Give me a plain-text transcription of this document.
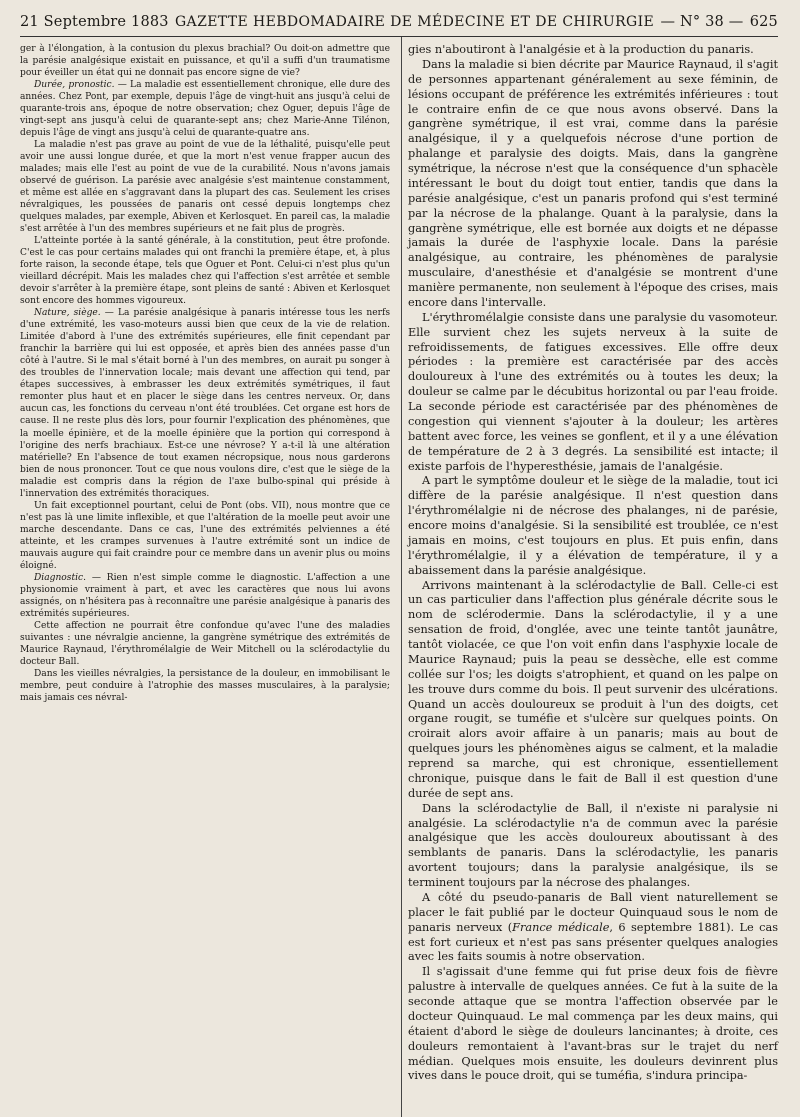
21 Septembre 1883 GAZETTE HEBDOMADAIRE DE MÉDECINE ET DE CHIRURGIE — N° 38 — 625

ger à l'élongation, à la contusion du plexus brachial? Ou doit-on admettre que la parésie analgésique existait en puissance, et qu'il a suffi d'un traumatisme pour éveiller un état qui ne donnait pas encore signe de vie?

Durée, pronostic. — La maladie est essentiellement chronique, elle dure des années. Chez Pont, par exemple, depuis l'âge de vingt-huit ans jusqu'à celui de quarante-trois ans, époque de notre observation; chez Oguer, depuis l'âge de vingt-sept ans jusqu'à celui de quarante-sept ans; chez Marie-Anne Tilénon, depuis l'âge de vingt ans jusqu'à celui de quarante-quatre ans.

La maladie n'est pas grave au point de vue de la léthalité, puisqu'elle peut avoir une aussi longue durée, et que la mort n'est venue frapper aucun des malades; mais elle l'est au point de vue de la curabilité. Nous n'avons jamais observé de guérison. La parésie avec analgésie s'est maintenue constamment, et même est allée en s'aggravant dans la plupart des cas. Seulement les crises névralgiques, les poussées de panaris ont cessé depuis longtemps chez quelques malades, par exemple, Abiven et Kerlosquet. En pareil cas, la maladie s'est arrêtée à l'un des membres supérieurs et ne fait plus de progrès.

L'atteinte portée à la santé générale, à la constitution, peut être profonde. C'est le cas pour certains malades qui ont franchi la première étape, et, à plus forte raison, la seconde étape, tels que Oguer et Pont. Celui-ci n'est plus qu'un vieillard décrépit. Mais les malades chez qui l'affection s'est arrêtée et semble devoir s'arrêter à la première étape, sont pleins de santé : Abiven et Kerlosquet sont encore des hommes vigoureux.

Nature, siège. — La parésie analgésique à panaris intéresse tous les nerfs d'une extrémité, les vaso-moteurs aussi bien que ceux de la vie de relation. Limitée d'abord à l'une des extrémités supérieures, elle finit cependant par franchir la barrière qui lui est opposée, et après bien des années passe d'un côté à l'autre. Si le mal s'était borné à l'un des membres, on aurait pu songer à des troubles de l'innervation locale; mais devant une affection qui tend, par étapes successives, à embrasser les deux extrémités symétriques, il faut remonter plus haut et en placer le siège dans les centres nerveux. Or, dans aucun cas, les fonctions du cerveau n'ont été troublées. Cet organe est hors de cause. Il ne reste plus dès lors, pour fournir l'explication des phénomènes, que la moelle épinière, et de la moelle épinière que la portion qui correspond à l'origine des nerfs brachiaux. Est-ce une névrose? Y a-t-il là une altération matérielle? En l'absence de tout examen nécropsique, nous nous garderons bien de nous prononcer. Tout ce que nous voulons dire, c'est que le siège de la maladie est compris dans la région de l'axe bulbo-spinal qui préside à l'innervation des extrémités thoraciques.

Un fait exceptionnel pourtant, celui de Pont (obs. VII), nous montre que ce n'est pas là une limite inflexible, et que l'altération de la moelle peut avoir une marche descendante. Dans ce cas, l'une des extrémités pelviennes a été atteinte, et les crampes survenues à l'autre extrémité sont un indice de mauvais augure qui fait craindre pour ce membre dans un avenir plus ou moins éloigné.

Diagnostic. — Rien n'est simple comme le diagnostic. L'affection a une physionomie vraiment à part, et avec les caractères que nous lui avons assignés, on n'hésitera pas à reconnaître une parésie analgésique à panaris des extrémités supérieures.

Cette affection ne pourrait être confondue qu'avec l'une des maladies suivantes : une névralgie ancienne, la gangrène symétrique des extrémités de Maurice Raynaud, l'érythromélalgie de Weir Mitchell ou la sclérodactylie du docteur Ball.

Dans les vieilles névralgies, la persistance de la douleur, en immobilisant le membre, peut conduire à l'atrophie des masses musculaires, à la paralysie; mais jamais ces névral-

gies n'aboutiront à l'analgésie et à la production du panaris.

Dans la maladie si bien décrite par Maurice Raynaud, il s'agit de personnes appartenant généralement au sexe féminin, de lésions occupant de préférence les extrémités inférieures : tout le contraire enfin de ce que nous avons observé. Dans la gangrène symétrique, il est vrai, comme dans la parésie analgésique, il y a quelquefois nécrose d'une portion de phalange et paralysie des doigts. Mais, dans la gangrène symétrique, la nécrose n'est que la conséquence d'un sphacèle intéressant le bout du doigt tout entier, tandis que dans la parésie analgésique, c'est un panaris profond qui s'est terminé par la nécrose de la phalange. Quant à la paralysie, dans la gangrène symétrique, elle est bornée aux doigts et ne dépasse jamais la durée de l'asphyxie locale. Dans la parésie analgésique, au contraire, les phénomènes de paralysie musculaire, d'anesthésie et d'analgésie se montrent d'une manière permanente, non seulement à l'époque des crises, mais encore dans l'intervalle.

L'érythromélalgie consiste dans une paralysie du vasomoteur. Elle survient chez les sujets nerveux à la suite de refroidissements, de fatigues excessives. Elle offre deux périodes : la première est caractérisée par des accès douloureux à l'une des extrémités ou à toutes les deux; la douleur se calme par le décubitus horizontal ou par l'eau froide. La seconde période est caractérisée par des phénomènes de congestion qui viennent s'ajouter à la douleur; les artères battent avec force, les veines se gonflent, et il y a une élévation de température de 2 à 3 degrés. La sensibilité est intacte; il existe parfois de l'hyperesthésie, jamais de l'analgésie.

A part le symptôme douleur et le siège de la maladie, tout ici diffère de la parésie analgésique. Il n'est question dans l'érythromélalgie ni de nécrose des phalanges, ni de parésie, encore moins d'analgésie. Si la sensibilité est troublée, ce n'est jamais en moins, c'est toujours en plus. Et puis enfin, dans l'érythromélalgie, il y a élévation de température, il y a abaissement dans la parésie analgésique.

Arrivons maintenant à la sclérodactylie de Ball. Celle-ci est un cas particulier dans l'affection plus générale décrite sous le nom de sclérodermie. Dans la sclérodactylie, il y a une sensation de froid, d'onglée, avec une teinte tantôt jaunâtre, tantôt violacée, ce que l'on voit enfin dans l'asphyxie locale de Maurice Raynaud; puis la peau se dessèche, elle est comme collée sur l'os; les doigts s'atrophient, et quand on les palpe on les trouve durs comme du bois. Il peut survenir des ulcérations. Quand un accès douloureux se produit à l'un des doigts, cet organe rougit, se tuméfie et s'ulcère sur quelques points. On croirait alors avoir affaire à un panaris; mais au bout de quelques jours les phénomènes aigus se calment, et la maladie reprend sa marche, qui est chronique, essentiellement chronique, puisque dans le fait de Ball il est question d'une durée de sept ans.

Dans la sclérodactylie de Ball, il n'existe ni paralysie ni analgésie. La sclérodactylie n'a de commun avec la parésie analgésique que les accès douloureux aboutissant à des semblants de panaris. Dans la sclérodactylie, les panaris avortent toujours; dans la paralysie analgésique, ils se terminent toujours par la nécrose des phalanges.

A côté du pseudo-panaris de Ball vient naturellement se placer le fait publié par le docteur Quinquaud sous le nom de panaris nerveux (France médicale, 6 septembre 1881). Le cas est fort curieux et n'est pas sans présenter quelques analogies avec les faits soumis à notre observation.

Il s'agissait d'une femme qui fut prise deux fois de fièvre palustre à intervalle de quelques années. Ce fut à la suite de la seconde attaque que se montra l'affection observée par le docteur Quinquaud. Le mal commença par les deux mains, qui étaient d'abord le siège de douleurs lancinantes; à droite, ces douleurs remontaient à l'avant-bras sur le trajet du nerf médian. Quelques mois ensuite, les douleurs devinrent plus vives dans le pouce droit, qui se tuméfia, s'indura principa-
